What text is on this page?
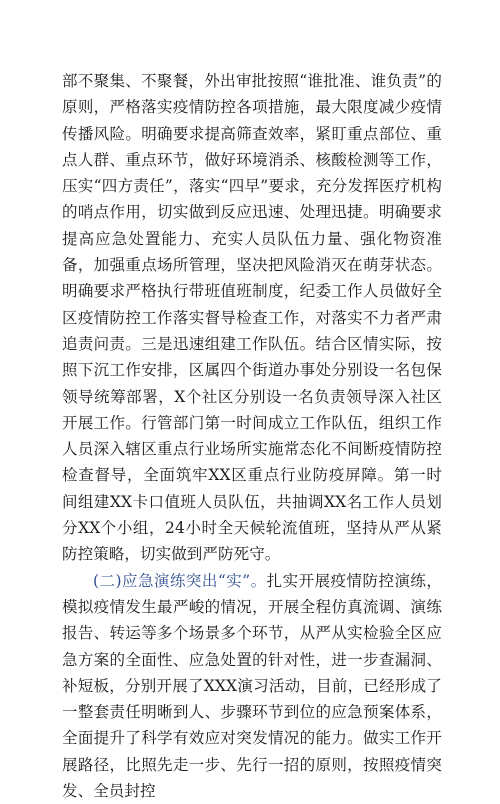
部不聚集、不聚餐，外出审批按照“谁批准、谁负责”的原则，严格落实疫情防控各项措施，最大限度减少疫情传播风险。明确要求提高筛查效率，紧盯重点部位、重点人群、重点环节，做好环境消杀、核酸检测等工作，压实“四方责任”，落实“四早”要求，充分发挥医疗机构的哨点作用，切实做到反应迅速、处理迅捷。明确要求提高应急处置能力、充实人员队伍力量、强化物资准备，加强重点场所管理，坚决把风险消灭在萌芽状态。明确要求严格执行带班值班制度，纪委工作人员做好全区疫情防控工作落实督导检查工作，对落实不力者严肃追责问责。三是迅速组建工作队伍。结合区情实际，按照下沉工作安排，区属四个街道办事处分别设一名包保领导统筹部署，X个社区分别设一名负责领导深入社区开展工作。行管部门第一时间成立工作队伍，组织工作人员深入辖区重点行业场所实施常态化不间断疫情防控检查督导，全面筑牢XX区重点行业防疫屏障。第一时间组建XX卡口值班人员队伍，共抽调XX名工作人员划分XX个小组，24小时全天候轮流值班，坚持从严从紧防控策略，切实做到严防死守。

(二)应急演练突出“实”。扎实开展疫情防控演练，模拟疫情发生最严峻的情况，开展全程仿真流调、演练报告、转运等多个场景多个环节，从严从实检验全区应急方案的全面性、应急处置的针对性，进一步查漏洞、补短板，分别开展了XXX演习活动，目前，已经形成了一整套责任明晰到人、步骤环节到位的应急预案体系，全面提升了科学有效应对突发情况的能力。做实工作开展路径，比照先走一步、先行一招的原则，按照疫情突发、全员封控
